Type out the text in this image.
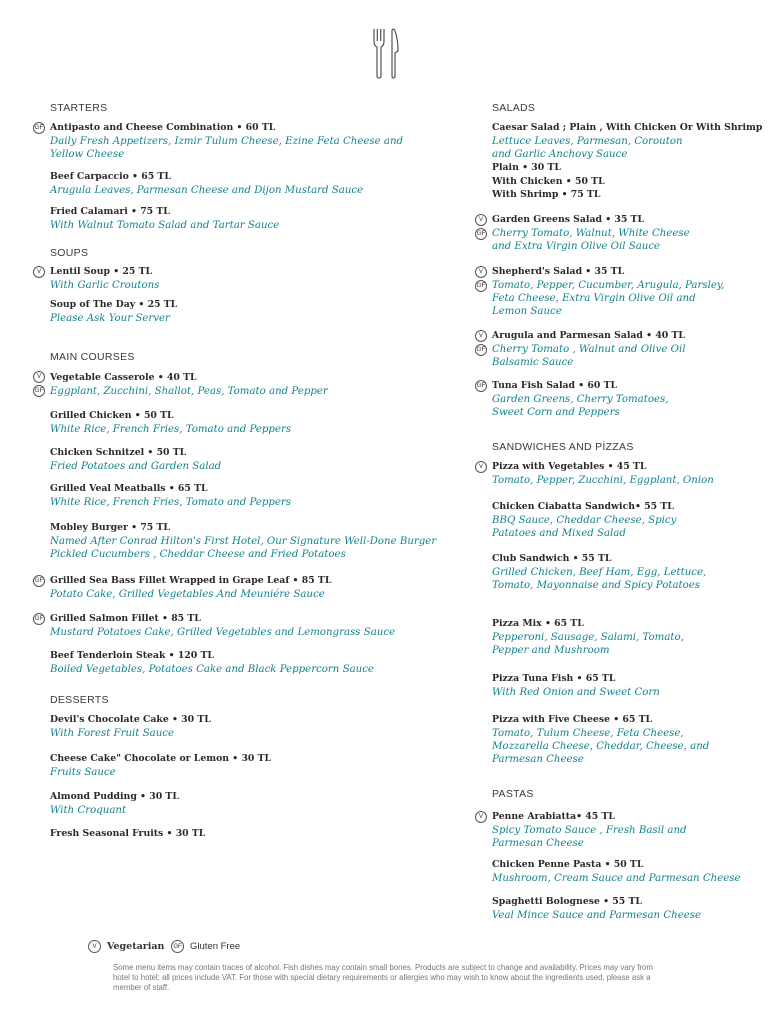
STARTERS
GF Antipasto and Cheese Combination • 60 TL
Daily Fresh Appetizers, Izmir Tulum Cheese, Ezine Feta Cheese and
Yellow Cheese
Beef Carpaccio • 65 TL
Arugula Leaves, Parmesan Cheese and Dijon Mustard Sauce
Fried Calamari • 75 TL
With Walnut Tomato Salad and Tartar Sauce
SOUPS
V Lentil Soup • 25 TL
With Garlic Croutons
Soup of The Day • 25 TL
Please Ask Your Server
MAIN COURSES
V
GF
Vegetable Casserole • 40 TL
Eggplant, Zucchini, Shallot, Peas, Tomato and Pepper
Grilled Chicken • 50 TL
White Rice, French Fries, Tomato and Peppers
Chicken Schnitzel • 50 TL
Fried Potatoes and Garden Salad
Grilled Veal Meatballs • 65 TL
White Rice, French Fries, Tomato and Peppers
Mobley Burger • 75 TL
Named After Conrad Hilton's First Hotel, Our Signature Well-Done Burger
Pickled Cucumbers , Cheddar Cheese and Fried Potatoes
GF Grilled Sea Bass Fillet Wrapped in Grape Leaf • 85 TL
Potato Cake, Grilled Vegetables And Meuniére Sauce
GF Grilled Salmon Fillet • 85 TL
Mustard Potatoes Cake, Grilled Vegetables and Lemongrass Sauce
Beef Tenderloin Steak • 120 TL
Boiled Vegetables, Potatoes Cake and Black Peppercorn Sauce
DESSERTS
Devil's Chocolate Cake • 30 TL
With Forest Fruit Sauce
Cheese Cake" Chocolate or Lemon • 30 TL
Fruits Sauce
Almond Pudding • 30 TL
With Croquant
Fresh Seasonal Fruits • 30 TL
SALADS
Caesar Salad ; Plain , With Chicken Or With Shrimp
Lettuce Leaves, Parmesan, Corouton
and Garlic Anchovy Sauce
Plain • 30 TL
With Chicken • 50 TL
With Shrimp • 75 TL
V
GF
Garden Greens Salad • 35 TL
Cherry Tomato, Walnut, White Cheese
and Extra Virgin Olive Oil Sauce
V
GF
Shepherd's Salad • 35 TL
Tomato, Pepper, Cucumber, Arugula, Parsley,
Feta Cheese, Extra Virgin Olive Oil and
Lemon Sauce
V
GF
Arugula and Parmesan Salad • 40 TL
Cherry Tomato , Walnut and Olive Oil
Balsamic Sauce
GF Tuna Fish Salad • 60 TL
Garden Greens, Cherry Tomatoes,
Sweet Corn and Peppers
SANDWICHES AND PİZZAS
V Pizza with Vegetables • 45 TL
Tomato, Pepper, Zucchini, Eggplant, Onion
Chicken Ciabatta Sandwich• 55 TL
BBQ Sauce, Cheddar Cheese, Spicy
Patatoes and Mixed Salad
Club Sandwich • 55 TL
Grilled Chicken, Beef Ham, Egg, Lettuce,
Tomato, Mayonnaise and Spicy Potatoes
Pizza Mix • 65 TL
Pepperoni, Sausage, Salami, Tomato,
Pepper and Mushroom
Pizza Tuna Fish • 65 TL
With Red Onion and Sweet Corn
Pizza with Five Cheese • 65 TL
Tomato, Tulum Cheese, Feta Cheese,
Mozzarella Cheese, Cheddar, Cheese, and
Parmesan Cheese
PASTAS
V Penne Arabiatta• 45 TL
Spicy Tomato Sauce , Fresh Basil and
Parmesan Cheese
Chicken Penne Pasta • 50 TL
Mushroom, Cream Sauce and Parmesan Cheese
Spaghetti Bolognese • 55 TL
Veal Mince Sauce and Parmesan Cheese
V	Vegetarian	GF Gluten Free
Some menu items may contain traces of alcohol. Fish dishes may contain small bones. Products are subject to change and availability. Prices may vary from hotel to hotel; all prices include VAT. For those with special dietary requirements or allergies who may wish to know about the ingredients used, please ask a member of staff.
